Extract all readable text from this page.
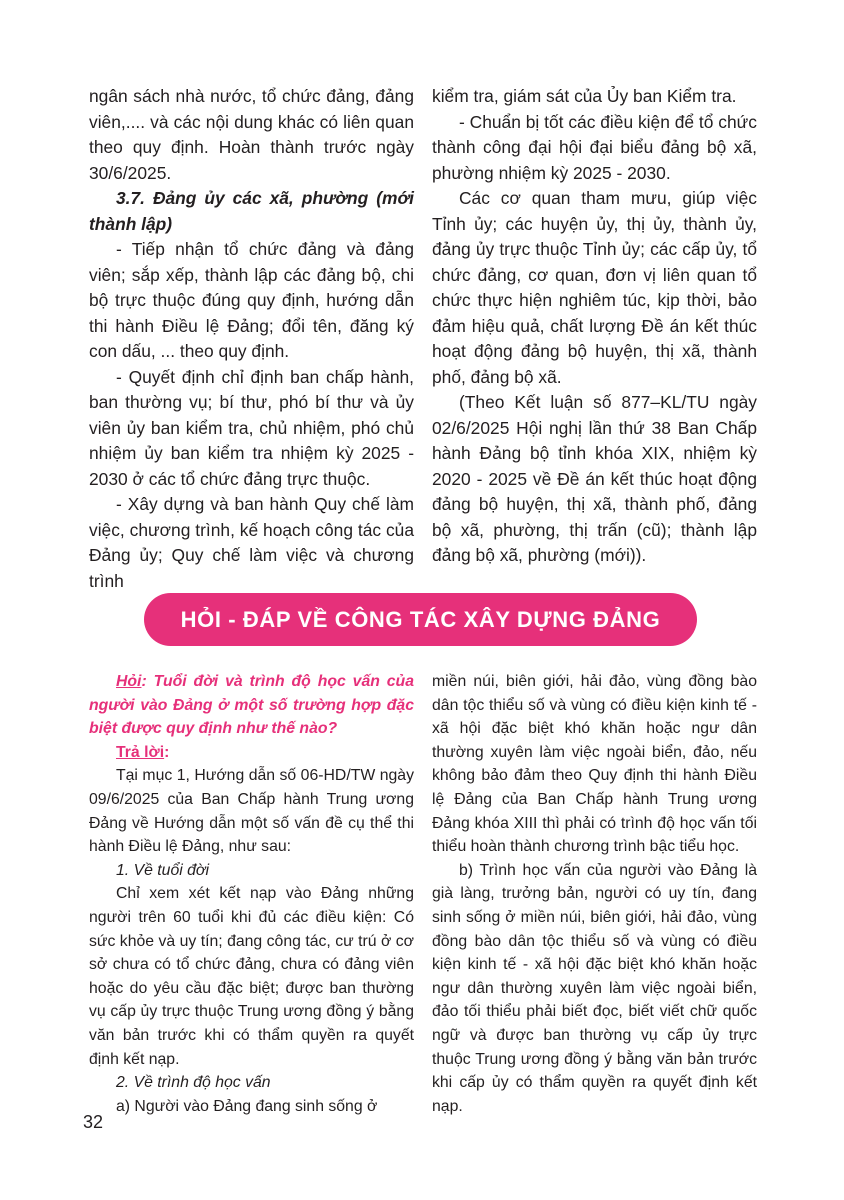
ngân sách nhà nước, tổ chức đảng, đảng viên,.... và các nội dung khác có liên quan theo quy định. Hoàn thành trước ngày 30/6/2025.

3.7. Đảng ủy các xã, phường (mới thành lập)

- Tiếp nhận tổ chức đảng và đảng viên; sắp xếp, thành lập các đảng bộ, chi bộ trực thuộc đúng quy định, hướng dẫn thi hành Điều lệ Đảng; đổi tên, đăng ký con dấu, ... theo quy định.

- Quyết định chỉ định ban chấp hành, ban thường vụ; bí thư, phó bí thư và ủy viên ủy ban kiểm tra, chủ nhiệm, phó chủ nhiệm ủy ban kiểm tra nhiệm kỳ 2025 - 2030 ở các tổ chức đảng trực thuộc.

- Xây dựng và ban hành Quy chế làm việc, chương trình, kế hoạch công tác của Đảng ủy; Quy chế làm việc và chương trình

kiểm tra, giám sát của Ủy ban Kiểm tra.

- Chuẩn bị tốt các điều kiện để tổ chức thành công đại hội đại biểu đảng bộ xã, phường nhiệm kỳ 2025 - 2030.

Các cơ quan tham mưu, giúp việc Tỉnh ủy; các huyện ủy, thị ủy, thành ủy, đảng ủy trực thuộc Tỉnh ủy; các cấp ủy, tổ chức đảng, cơ quan, đơn vị liên quan tổ chức thực hiện nghiêm túc, kịp thời, bảo đảm hiệu quả, chất lượng Đề án kết thúc hoạt động đảng bộ huyện, thị xã, thành phố, đảng bộ xã.

(Theo Kết luận số 877–KL/TU ngày 02/6/2025 Hội nghị lần thứ 38 Ban Chấp hành Đảng bộ tỉnh khóa XIX, nhiệm kỳ 2020 - 2025 về Đề án kết thúc hoạt động đảng bộ huyện, thị xã, thành phố, đảng bộ xã, phường, thị trấn (cũ); thành lập đảng bộ xã, phường (mới)).

HỎI - ĐÁP VỀ CÔNG TÁC XÂY DỰNG ĐẢNG

Hỏi: Tuổi đời và trình độ học vấn của người vào Đảng ở một số trường hợp đặc biệt được quy định như thế nào?

Trả lời:

Tại mục 1, Hướng dẫn số 06-HD/TW ngày 09/6/2025 của Ban Chấp hành Trung ương Đảng về Hướng dẫn một số vấn đề cụ thể thi hành Điều lệ Đảng, như sau:

1. Về tuổi đời

Chỉ xem xét kết nạp vào Đảng những người trên 60 tuổi khi đủ các điều kiện: Có sức khỏe và uy tín; đang công tác, cư trú ở cơ sở chưa có tổ chức đảng, chưa có đảng viên hoặc do yêu cầu đặc biệt; được ban thường vụ cấp ủy trực thuộc Trung ương đồng ý bằng văn bản trước khi có thẩm quyền ra quyết định kết nạp.

2. Về trình độ học vấn

a) Người vào Đảng đang sinh sống ở

miền núi, biên giới, hải đảo, vùng đồng bào dân tộc thiểu số và vùng có điều kiện kinh tế - xã hội đặc biệt khó khăn hoặc ngư dân thường xuyên làm việc ngoài biển, đảo, nếu không bảo đảm theo Quy định thi hành Điều lệ Đảng của Ban Chấp hành Trung ương Đảng khóa XIII thì phải có trình độ học vấn tối thiểu hoàn thành chương trình bậc tiểu học.

b) Trình học vấn của người vào Đảng là già làng, trưởng bản, người có uy tín, đang sinh sống ở miền núi, biên giới, hải đảo, vùng đồng bào dân tộc thiểu số và vùng có điều kiện kinh tế - xã hội đặc biệt khó khăn hoặc ngư dân thường xuyên làm việc ngoài biển, đảo tối thiểu phải biết đọc, biết viết chữ quốc ngữ và được ban thường vụ cấp ủy trực thuộc Trung ương đồng ý bằng văn bản trước khi cấp ủy có thẩm quyền ra quyết định kết nạp.

32
